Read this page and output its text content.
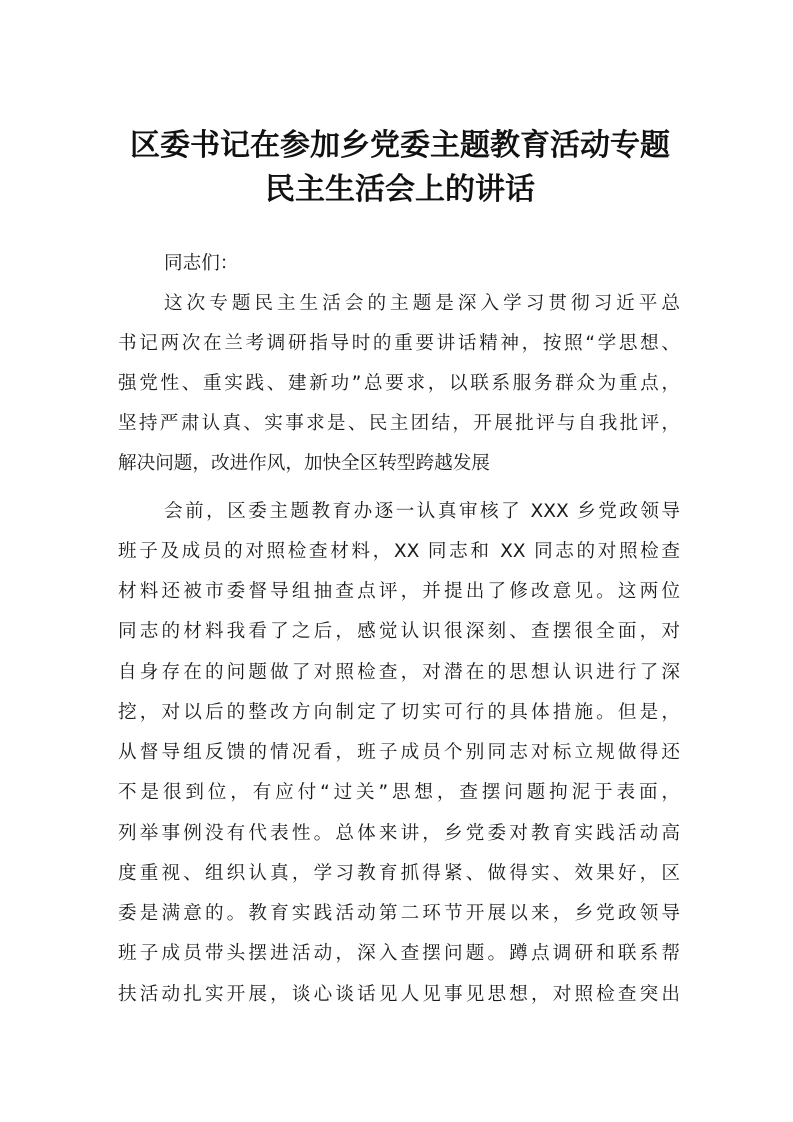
区委书记在参加乡党委主题教育活动专题
民主生活会上的讲话

同志们：

这次专题民主生活会的主题是深入学习贯彻习近平总

书记两次在兰考调研指导时的重要讲话精神，按照“学思想、

强党性、重实践、建新功”总要求，以联系服务群众为重点，

坚持严肃认真、实事求是、民主团结，开展批评与自我批评，

解决问题，改进作风，加快全区转型跨越发展

会前，区委主题教育办逐一认真审核了 XXX 乡党政领导

班子及成员的对照检查材料，XX 同志和 XX 同志的对照检查

材料还被市委督导组抽查点评，并提出了修改意见。这两位

同志的材料我看了之后，感觉认识很深刻、查摆很全面，对

自身存在的问题做了对照检查，对潜在的思想认识进行了深

挖，对以后的整改方向制定了切实可行的具体措施。但是，

从督导组反馈的情况看，班子成员个别同志对标立规做得还

不是很到位，有应付“过关”思想，查摆问题拘泥于表面，

列举事例没有代表性。总体来讲，乡党委对教育实践活动高

度重视、组织认真，学习教育抓得紧、做得实、效果好，区

委是满意的。教育实践活动第二环节开展以来，乡党政领导

班子成员带头摆进活动，深入查摆问题。蹲点调研和联系帮

扶活动扎实开展，谈心谈话见人见事见思想，对照检查突出
